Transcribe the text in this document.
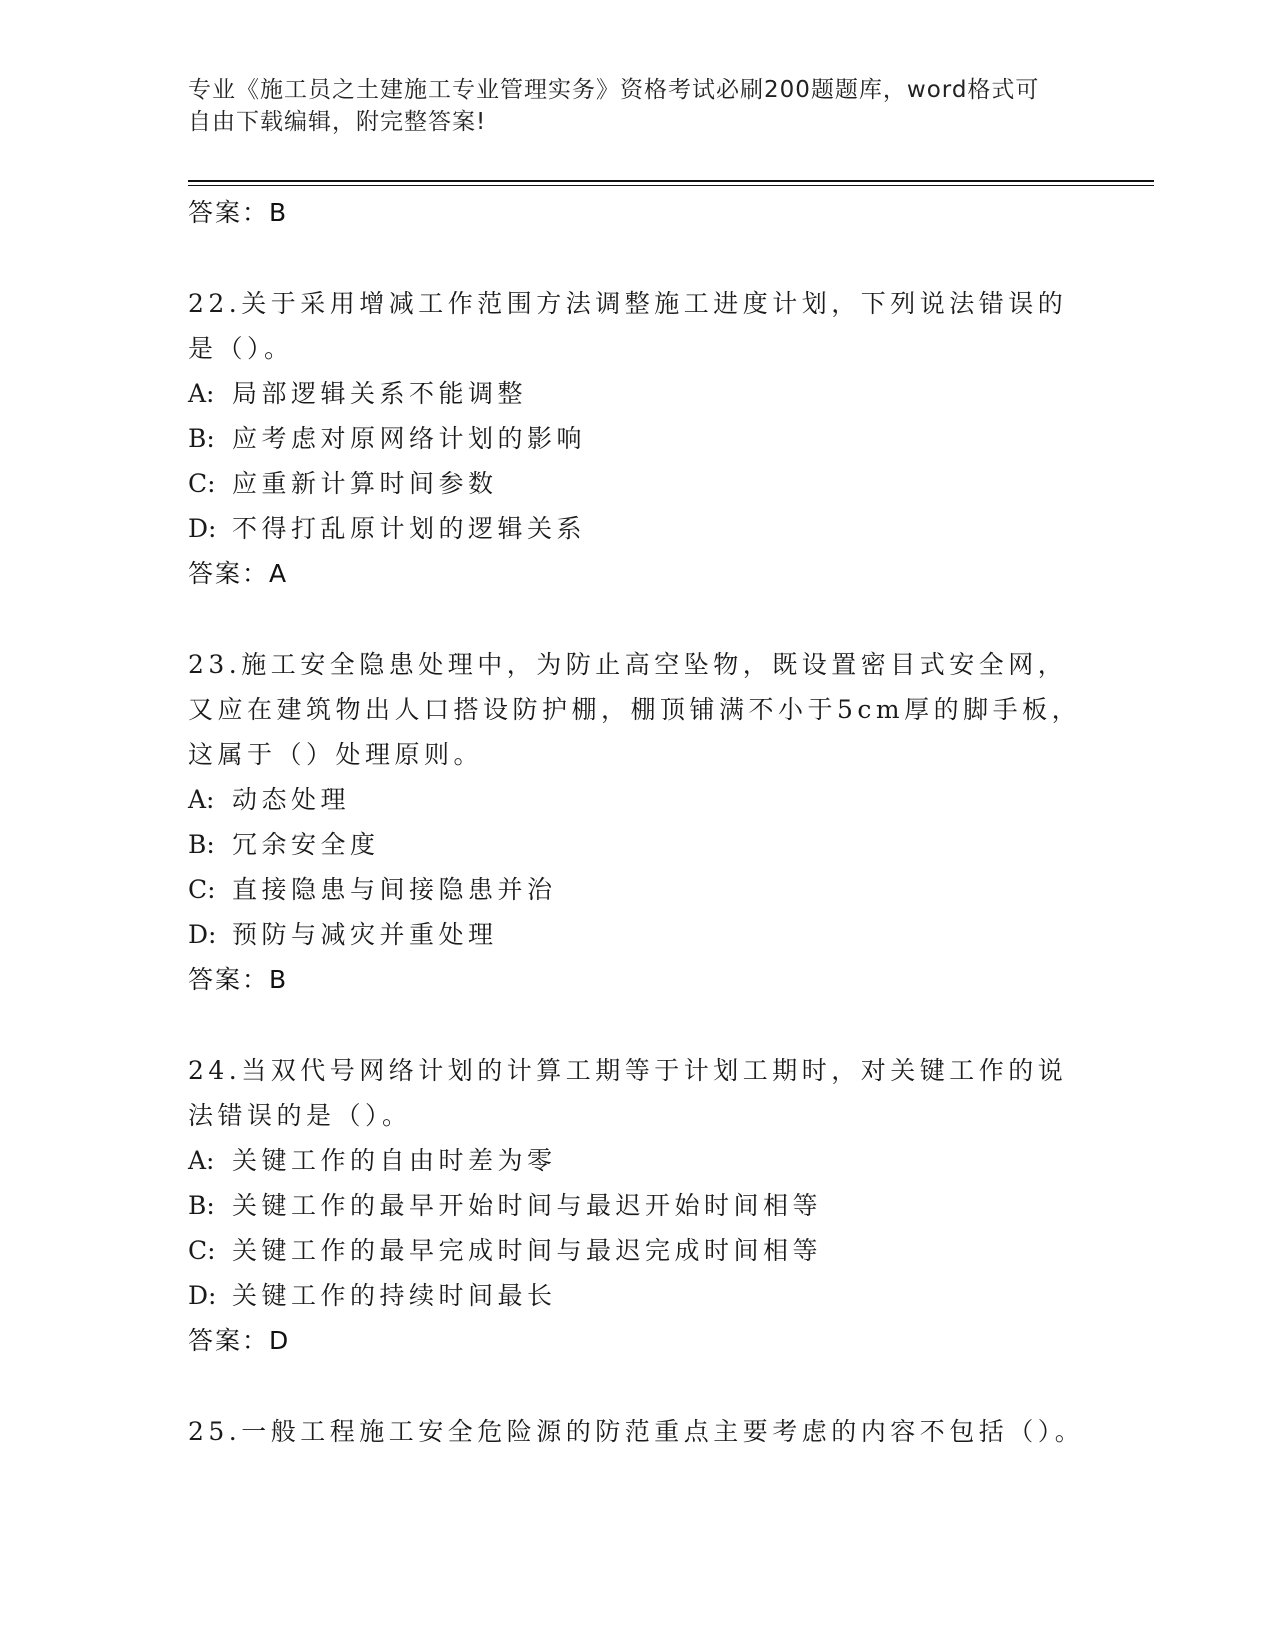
专业《施工员之土建施工专业管理实务》资格考试必刷200题题库，word格式可
自由下载编辑，附完整答案!
答案：B
22.关于采用增减工作范围方法调整施工进度计划，下列说法错误的是（）。
A: 局部逻辑关系不能调整
B: 应考虑对原网络计划的影响
C: 应重新计算时间参数
D: 不得打乱原计划的逻辑关系
答案：A
23.施工安全隐患处理中，为防止高空坠物，既设置密目式安全网，又应在建筑物出人口搭设防护棚，棚顶铺满不小于5cm厚的脚手板，这属于（）处理原则。
A: 动态处理
B: 冗余安全度
C: 直接隐患与间接隐患并治
D: 预防与减灾并重处理
答案：B
24.当双代号网络计划的计算工期等于计划工期时，对关键工作的说法错误的是（）。
A: 关键工作的自由时差为零
B: 关键工作的最早开始时间与最迟开始时间相等
C: 关键工作的最早完成时间与最迟完成时间相等
D: 关键工作的持续时间最长
答案：D
25.一般工程施工安全危险源的防范重点主要考虑的内容不包括（）。
